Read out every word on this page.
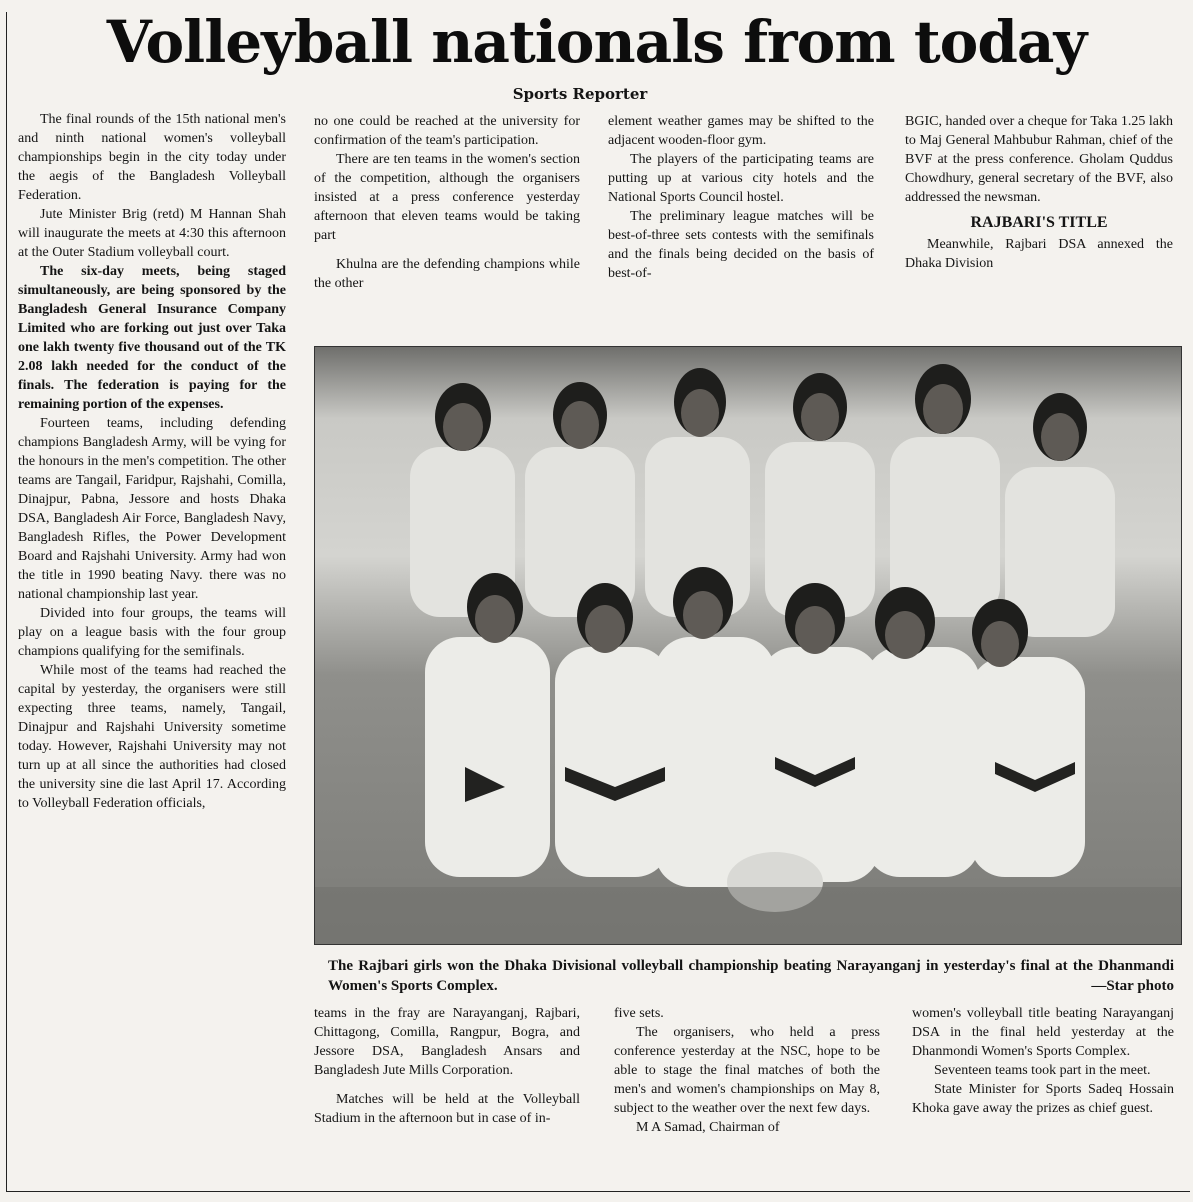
Volleyball nationals from today
Sports Reporter

The final rounds of the 15th national men's and ninth national women's volleyball championships begin in the city today under the aegis of the Bangladesh Volleyball Federation.

Jute Minister Brig (retd) M Hannan Shah will inaugurate the meets at 4:30 this afternoon at the Outer Stadium volleyball court.

The six-day meets, being staged simultaneously, are being sponsored by the Bangladesh General Insurance Company Limited who are forking out just over Taka one lakh twenty five thousand out of the TK 2.08 lakh needed for the conduct of the finals. The federation is paying for the remaining portion of the expenses.

Fourteen teams, including defending champions Bangladesh Army, will be vying for the honours in the men's competition. The other teams are Tangail, Faridpur, Rajshahi, Comilla, Dinajpur, Pabna, Jessore and hosts Dhaka DSA, Bangladesh Air Force, Bangladesh Navy, Bangladesh Rifles, the Power Development Board and Rajshahi University. Army had won the title in 1990 beating Navy. there was no national championship last year.

Divided into four groups, the teams will play on a league basis with the four group champions qualifying for the semifinals.

While most of the teams had reached the capital by yesterday, the organisers were still expecting three teams, namely, Tangail, Dinajpur and Rajshahi University sometime today. However, Rajshahi University may not turn up at all since the authorities had closed the university sine die last April 17. According to Volleyball Federation officials,

no one could be reached at the university for confirmation of the team's participation.

There are ten teams in the women's section of the competition, although the organisers insisted at a press conference yesterday afternoon that eleven teams would be taking part

Khulna are the defending champions while the other

element weather games may be shifted to the adjacent wooden-floor gym.

The players of the participating teams are putting up at various city hotels and the National Sports Council hostel.

The preliminary league matches will be best-of-three sets contests with the semifinals and the finals being decided on the basis of best-of-

BGIC, handed over a cheque for Taka 1.25 lakh to Maj General Mahbubur Rahman, chief of the BVF at the press conference. Gholam Quddus Chowdhury, general secretary of the BVF, also addressed the newsman.

RAJBARI'S TITLE

Meanwhile, Rajbari DSA annexed the Dhaka Division

The Rajbari girls won the Dhaka Divisional volleyball championship beating Narayanganj in yesterday's final at the Dhanmandi Women's Sports Complex.	—Star photo

teams in the fray are Narayanganj, Rajbari, Chittagong, Comilla, Rangpur, Bogra, and Jessore DSA, Bangladesh Ansars and Bangladesh Jute Mills Corporation.

Matches will be held at the Volleyball Stadium in the afternoon but in case of in-

five sets.

The organisers, who held a press conference yesterday at the NSC, hope to be able to stage the final matches of both the men's and women's championships on May 8, subject to the weather over the next few days.

M A Samad, Chairman of

women's volleyball title beating Narayanganj DSA in the final held yesterday at the Dhanmondi Women's Sports Complex.

Seventeen teams took part in the meet.

State Minister for Sports Sadeq Hossain Khoka gave away the prizes as chief guest.
